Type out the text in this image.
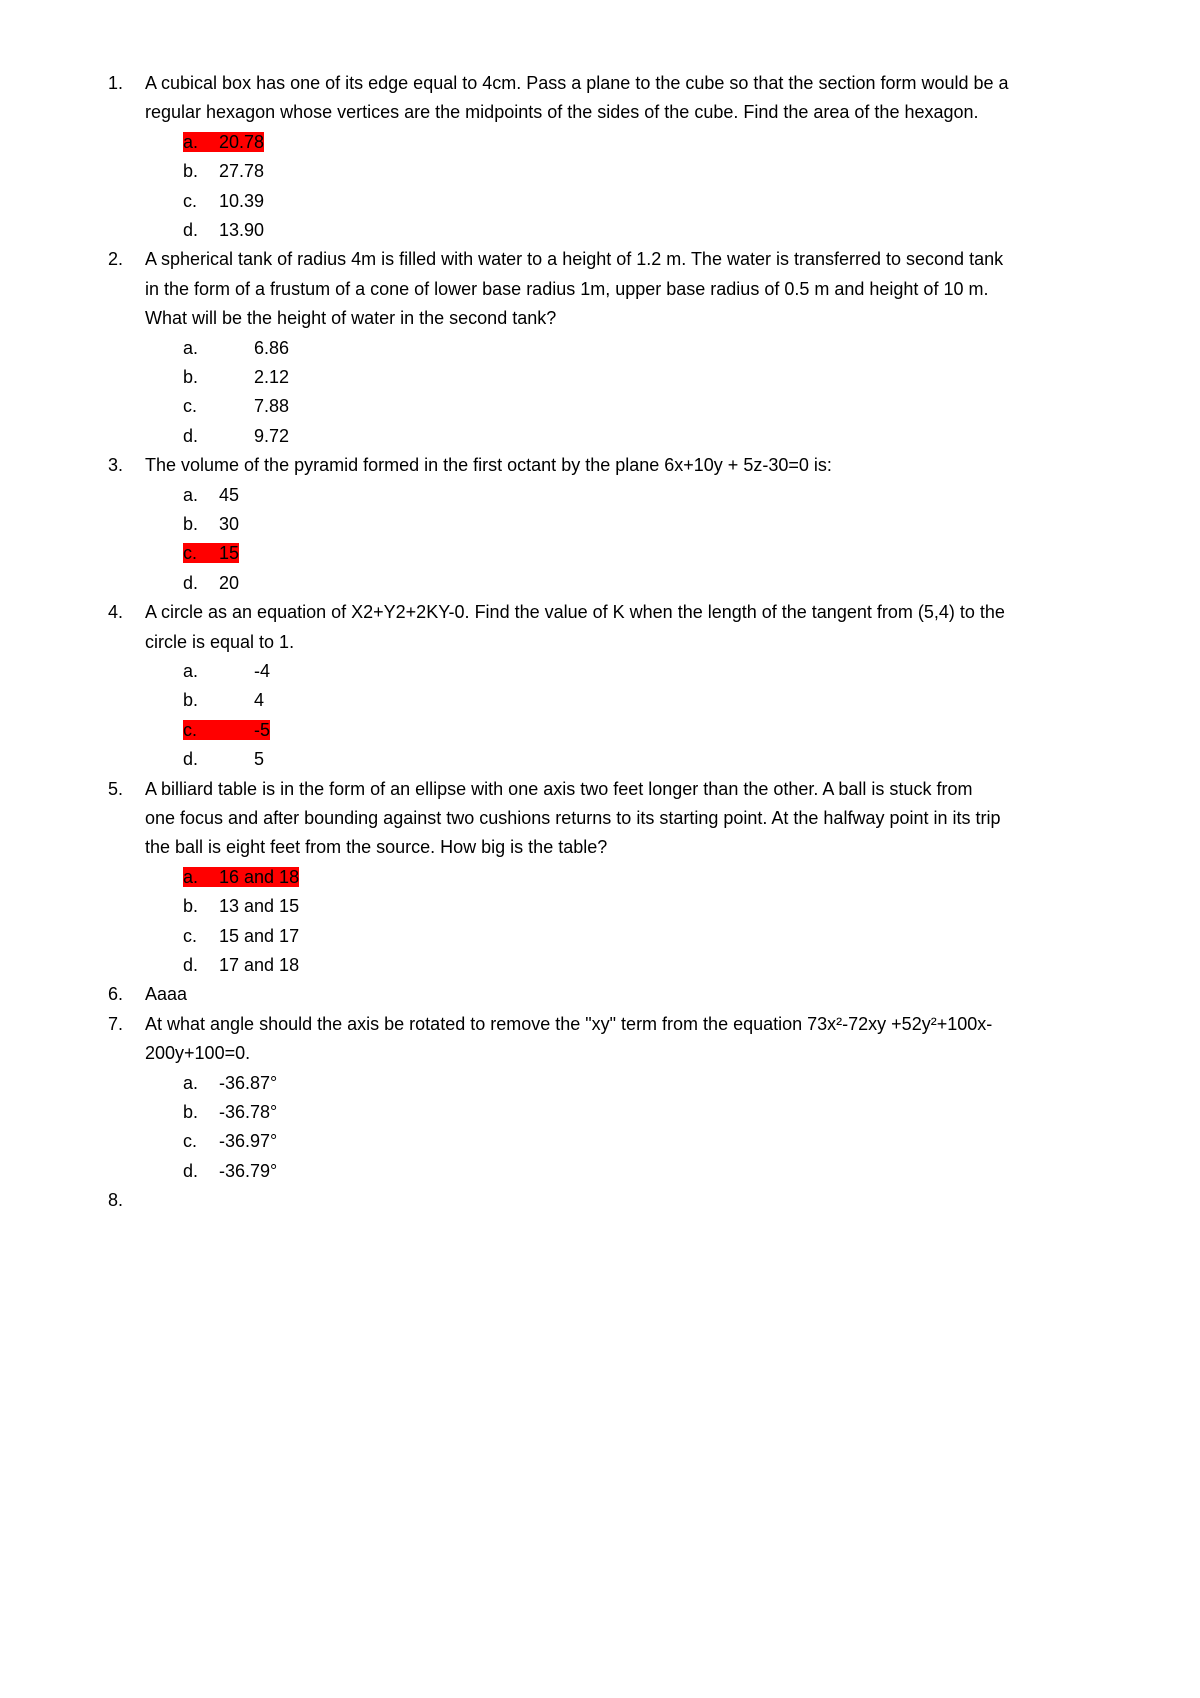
1.	A cubical box has one of its edge equal to 4cm. Pass a plane to the cube so that the section form would be a
regular hexagon whose vertices are the midpoints of the sides of the cube. Find the area of the hexagon.
a. 20.78
b. 27.78
c. 10.39
d. 13.90
2.	A spherical tank of radius 4m is filled with water to a height of 1.2 m. The water is transferred to second tank
in the form of a frustum of a cone of lower base radius 1m, upper base radius of 0.5 m and height of 10 m.
What will be the height of water in the second tank?
a.	6.86
b.	2.12
c.	7.88
d.	9.72
3.	The volume of the pyramid formed in the first octant by the plane 6x+10y + 5z-30=0 is:
a. 45
b. 30
c. 15
d. 20
4.	A circle as an equation of X2+Y2+2KY-0. Find the value of K when the length of the tangent from (5,4) to the
circle is equal to 1.
a.	-4
b.	4
c.	-5
d.	5
5.	A billiard table is in the form of an ellipse with one axis two feet longer than the other. A ball is stuck from
one focus and after bounding against two cushions returns to its starting point. At the halfway point in its trip
the ball is eight feet from the source. How big is the table?
a. 16 and 18
b. 13 and 15
c. 15 and 17
d. 17 and 18
6.	Aaaa
7.	At what angle should the axis be rotated to remove the "xy" term from the equation 73x²-72xy +52y²+100x-
200y+100=0.
a. -36.87°
b. -36.78°
c. -36.97°
d. -36.79°
8.
